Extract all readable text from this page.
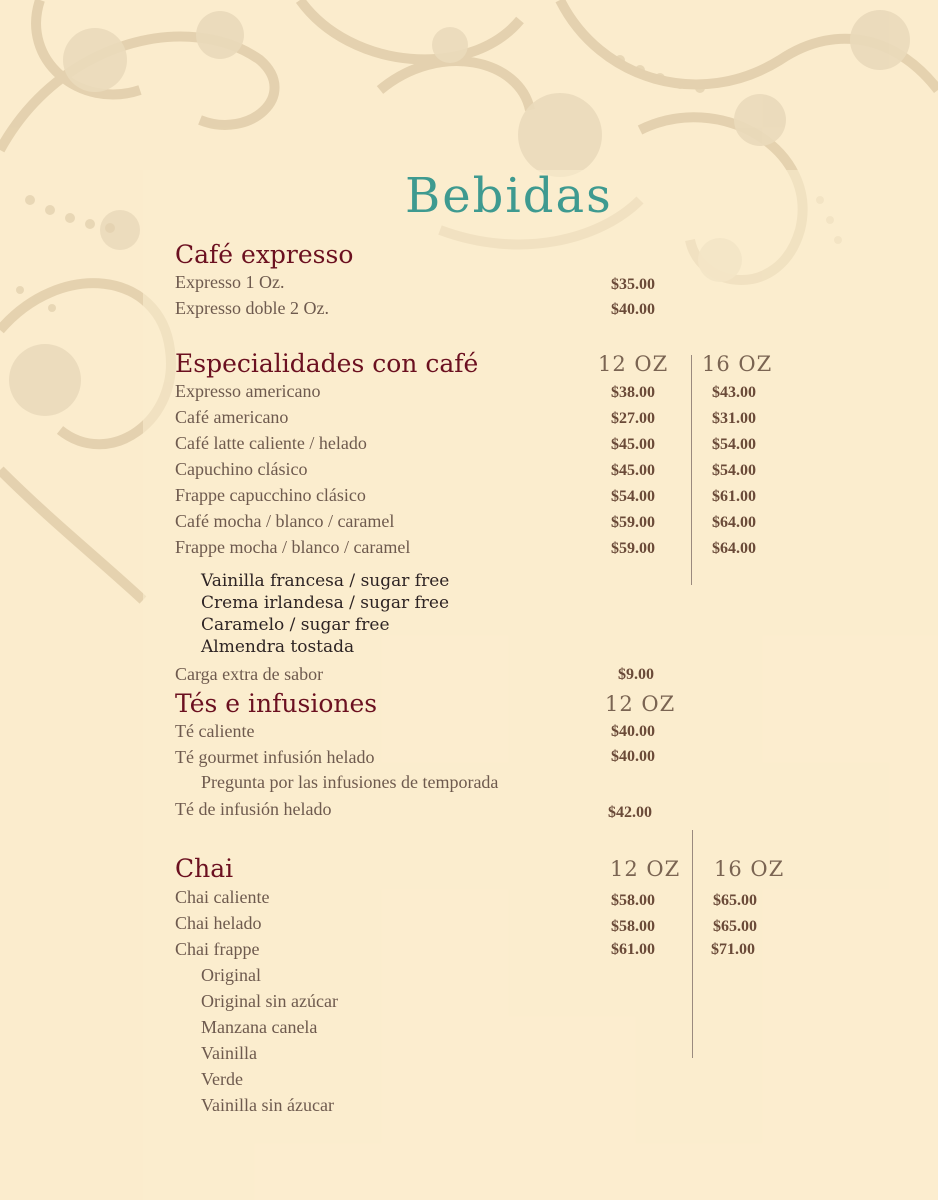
Bebidas
Café expresso
Expresso 1 Oz.	$35.00
Expresso doble 2 Oz.	$40.00
Especialidades con café	12 OZ 16 OZ
Expresso americano	$38.00	$43.00
Café americano	$27.00	$31.00
Café latte caliente / helado	$45.00	$54.00
Capuchino clásico	$45.00	$54.00
Frappe capucchino clásico	$54.00	$61.00
Café mocha / blanco / caramel	$59.00	$64.00
Frappe mocha / blanco / caramel	$59.00	$64.00
Vainilla francesa / sugar free
Crema irlandesa / sugar free
Caramelo / sugar free
Almendra tostada
Carga extra de sabor	$9.00
Tés e infusiones	12 OZ
Té caliente	$40.00
Té gourmet infusión helado	$40.00
Pregunta por las infusiones de temporada
Té de infusión helado	$42.00
Chai	12 OZ 16 OZ
Chai caliente	$58.00	$65.00
Chai helado	$58.00	$65.00
Chai frappe	$61.00	$71.00
Original
Original sin azúcar
Manzana canela
Vainilla
Verde
Vainilla sin ázucar
